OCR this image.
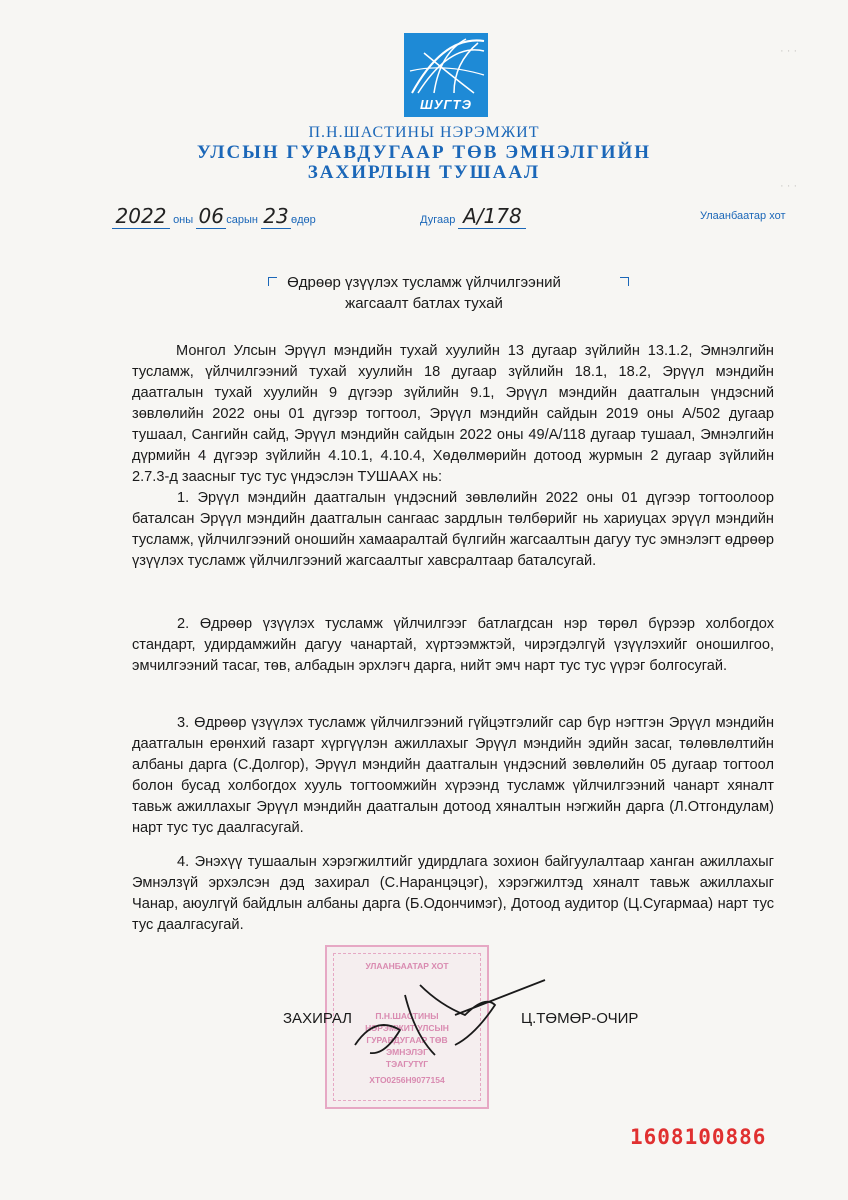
ШУГТЭ
П.Н.ШАСТИНЫ НЭРЭМЖИТ
УЛСЫН ГУРАВДУГААР ТӨВ ЭМНЭЛГИЙН
ЗАХИРЛЫН ТУШААЛ
2022 оны 06 сарын 23 өдөр	Дугаар А/178	Улаанбаатар хот
Өдрөөр үзүүлэх тусламж үйлчилгээний
жагсаалт батлах тухай

Монгол Улсын Эрүүл мэндийн тухай хуулийн 13 дугаар зүйлийн 13.1.2, Эмнэлгийн тусламж, үйлчилгээний тухай хуулийн 18 дугаар зүйлийн 18.1, 18.2, Эрүүл мэндийн даатгалын тухай хуулийн 9 дүгээр зүйлийн 9.1, Эрүүл мэндийн даатгалын үндэсний зөвлөлийн 2022 оны 01 дүгээр тогтоол, Эрүүл мэндийн сайдын 2019 оны А/502 дугаар тушаал, Сангийн сайд, Эрүүл мэндийн сайдын 2022 оны 49/А/118 дугаар тушаал, Эмнэлгийн дүрмийн 4 дүгээр зүйлийн 4.10.1, 4.10.4, Хөдөлмөрийн дотоод журмын 2 дугаар зүйлийн 2.7.3-д заасныг тус тус үндэслэн ТУШААХ нь:

1. Эрүүл мэндийн даатгалын үндэсний зөвлөлийн 2022 оны 01 дүгээр тогтоолоор баталсан Эрүүл мэндийн даатгалын сангаас зардлын төлбөрийг нь хариуцах эрүүл мэндийн тусламж, үйлчилгээний оношийн хамааралтай бүлгийн жагсаалтын дагуу тус эмнэлэгт өдрөөр үзүүлэх тусламж үйлчилгээний жагсаалтыг хавсралтаар баталсугай.

2. Өдрөөр үзүүлэх тусламж үйлчилгээг батлагдсан нэр төрөл бүрээр холбогдох стандарт, удирдамжийн дагуу чанартай, хүртээмжтэй, чирэгдэлгүй үзүүлэхийг оношилгоо, эмчилгээний тасаг, төв, албадын эрхлэгч дарга, нийт эмч нарт тус тус үүрэг болгосугай.

3. Өдрөөр үзүүлэх тусламж үйлчилгээний гүйцэтгэлийг сар бүр нэгтгэн Эрүүл мэндийн даатгалын ерөнхий газарт хүргүүлэн ажиллахыг Эрүүл мэндийн эдийн засаг, төлөвлөлтийн албаны дарга (С.Долгор), Эрүүл мэндийн даатгалын үндэсний зөвлөлийн 05 дугаар тогтоол болон бусад холбогдох хууль тогтоомжийн хүрээнд тусламж үйлчилгээний чанарт хяналт тавьж ажиллахыг Эрүүл мэндийн даатгалын дотоод хяналтын нэгжийн дарга (Л.Отгондулам) нарт тус тус даалгасугай.

4. Энэхүү тушаалын хэрэгжилтийг удирдлага зохион байгуулалтаар ханган ажиллахыг Эмнэлзүй эрхэлсэн дэд захирал (С.Наранцэцэг), хэрэгжилтэд хяналт тавьж ажиллахыг Чанар, аюулгүй байдлын албаны дарга (Б.Одончимэг), Дотоод аудитор (Ц.Сугармаа) нарт тус тус даалгасугай.

УЛААНБААТАР ХОТ
П.Н.ШАСТИНЫ
НЭРЭМЖИТ УЛСЫН
ГУРАВДУГААР ТӨВ
ЭМНЭЛЭГ
ТЭАГУТҮГ
ХТО0256Н9077154
ЗАХИРАЛ	Ц.ТӨМӨР-ОЧИР
1608100886
· · ·
· · ·
